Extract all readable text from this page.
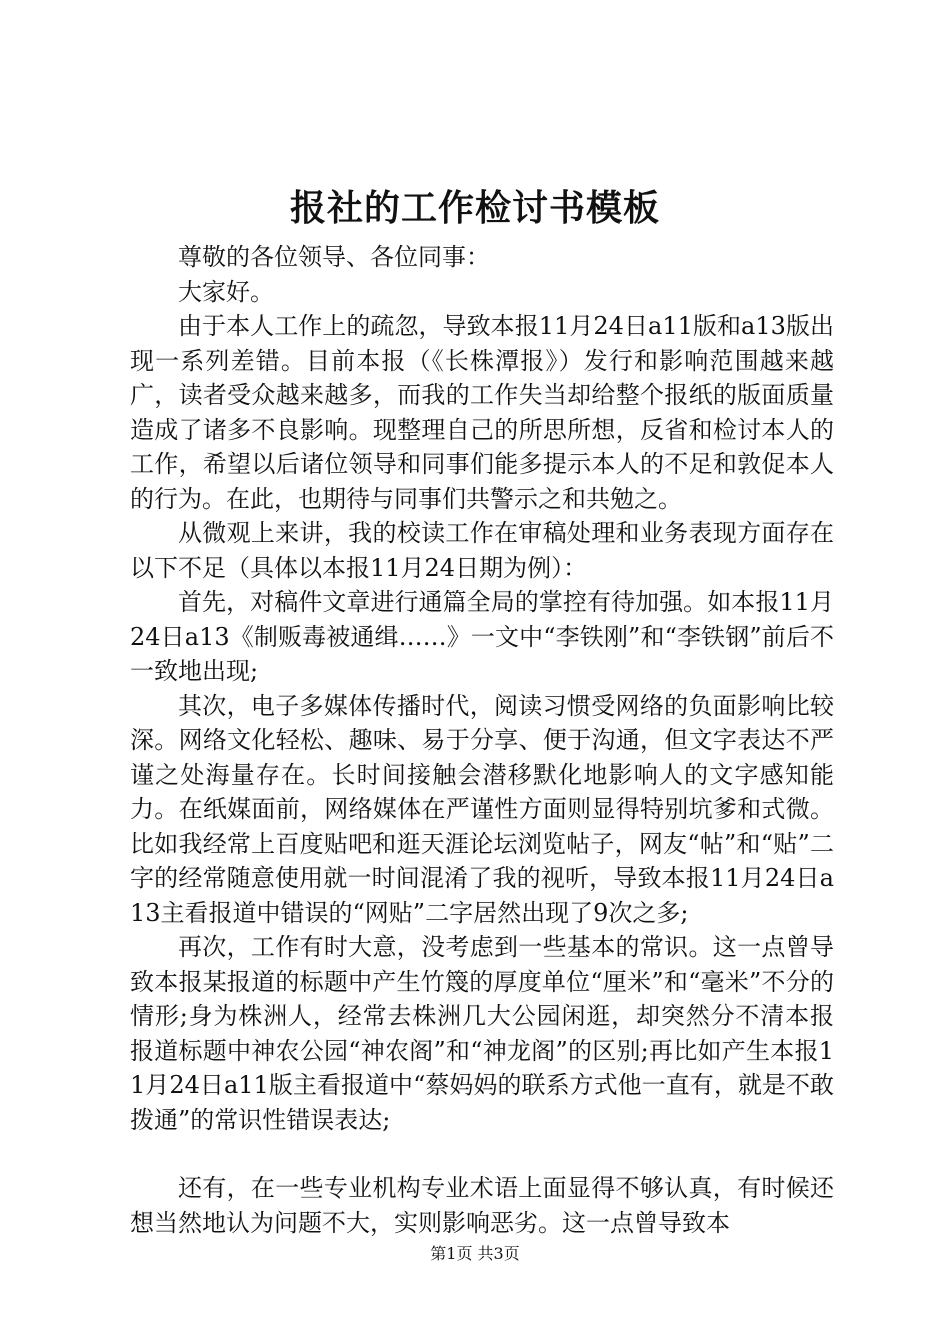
报社的工作检讨书模板

尊敬的各位领导、各位同事：

大家好。

由于本人工作上的疏忽，导致本报11月24日a11版和a13版出现一系列差错。目前本报（《长株潭报》）发行和影响范围越来越广，读者受众越来越多，而我的工作失当却给整个报纸的版面质量造成了诸多不良影响。现整理自己的所思所想，反省和检讨本人的工作，希望以后诸位领导和同事们能多提示本人的不足和敦促本人的行为。在此，也期待与同事们共警示之和共勉之。

从微观上来讲，我的校读工作在审稿处理和业务表现方面存在以下不足（具体以本报11月24日期为例）：

首先，对稿件文章进行通篇全局的掌控有待加强。如本报11月24日a13《制贩毒被通缉……》一文中“李铁刚”和“李铁钢”前后不一致地出现;

其次，电子多媒体传播时代，阅读习惯受网络的负面影响比较深。网络文化轻松、趣味、易于分享、便于沟通，但文字表达不严谨之处海量存在。长时间接触会潜移默化地影响人的文字感知能力。在纸媒面前，网络媒体在严谨性方面则显得特别坑爹和式微。比如我经常上百度贴吧和逛天涯论坛浏览帖子，网友“帖”和“贴”二字的经常随意使用就一时间混淆了我的视听，导致本报11月24日a13主看报道中错误的“网贴”二字居然出现了9次之多;

再次，工作有时大意，没考虑到一些基本的常识。这一点曾导致本报某报道的标题中产生竹篾的厚度单位“厘米”和“毫米”不分的情形;身为株洲人，经常去株洲几大公园闲逛，却突然分不清本报报道标题中神农公园“神农阁”和“神龙阁”的区别;再比如产生本报11月24日a11版主看报道中“蔡妈妈的联系方式他一直有，就是不敢拨通”的常识性错误表达;

还有，在一些专业机构专业术语上面显得不够认真，有时候还想当然地认为问题不大，实则影响恶劣。这一点曾导致本

第1页 共3页
